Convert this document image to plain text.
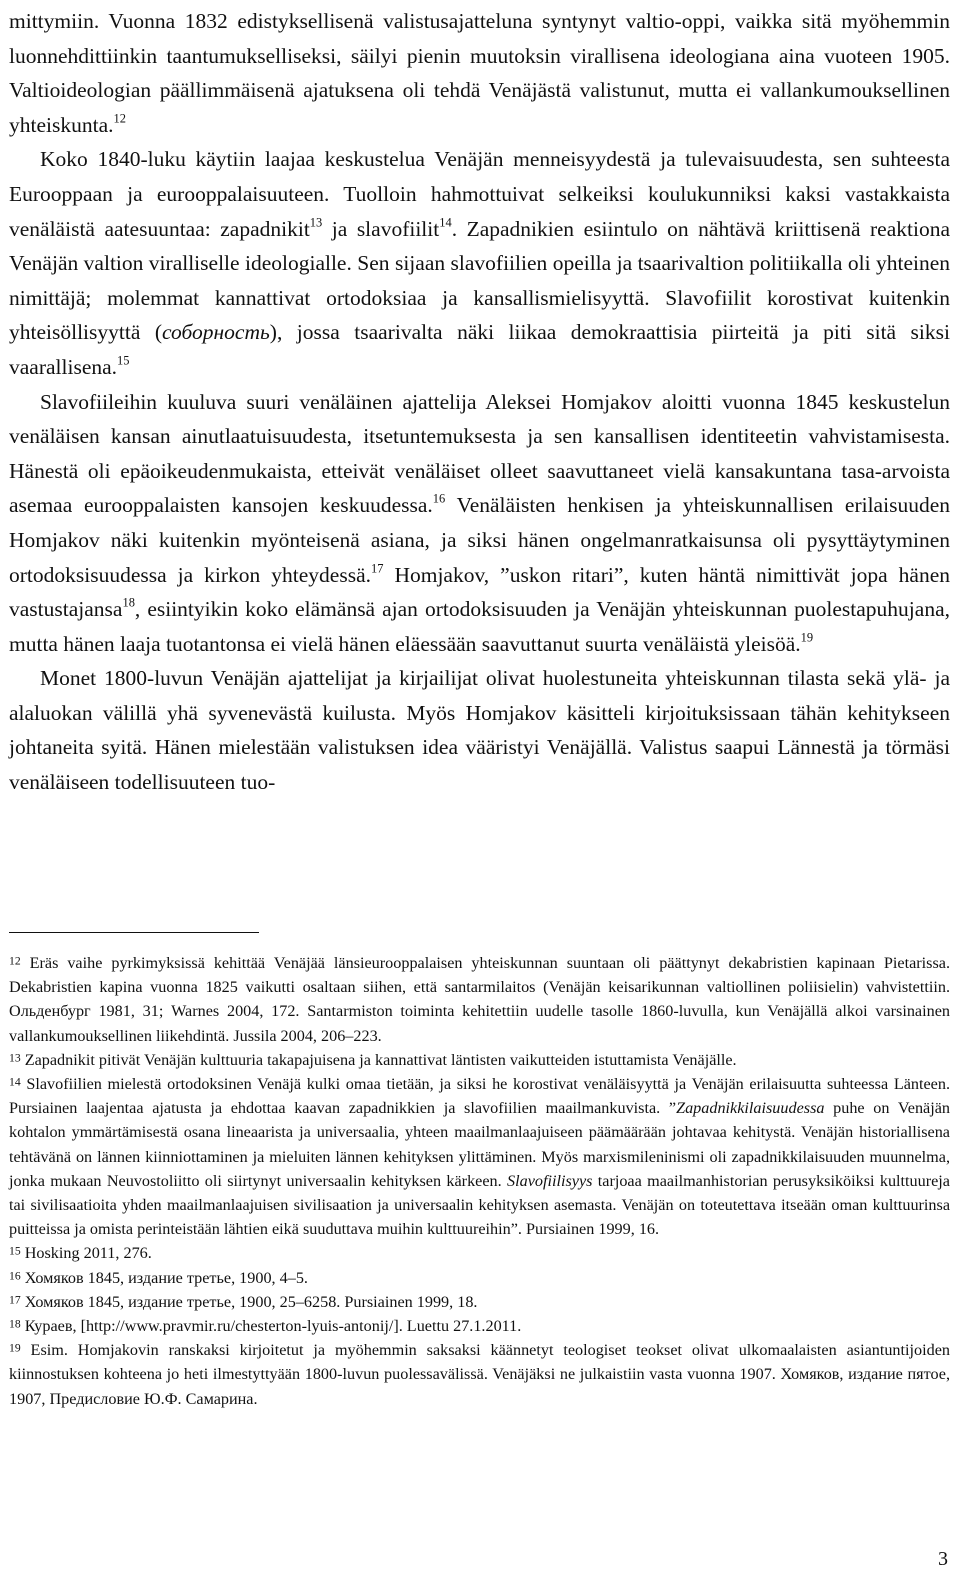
mittymiin. Vuonna 1832 edistyksellisenä valistusajatteluna syntynyt valtio-oppi, vaikka sitä myöhemmin luonnehdittiinkin taantumukselliseksi, säilyi pienin muutoksin virallisena ideologiana aina vuoteen 1905. Valtioideologian päällimmäisenä ajatuksena oli tehdä Venäjästä valistunut, mutta ei vallankumouksellinen yhteiskunta.$^{12}$

Koko 1840-luku käytiin laajaa keskustelua Venäjän menneisyydestä ja tulevaisuudesta, sen suhteesta Eurooppaan ja eurooppalaisuuteen. Tuolloin hahmottuivat selkeiksi koulukunniksi kaksi vastakkaista venäläistä aatesuuntaa: zapadnikit$^{13}$ ja slavofiilit$^{14}$. Zapadnikien esiintulo on nähtävä kriittisenä reaktiona Venäjän valtion viralliselle ideologialle. Sen sijaan slavofiilien opeilla ja tsaarivaltion politiikalla oli yhteinen nimittäjä; molemmat kannattivat ortodoksiaa ja kansallismielisyyttä. Slavofiilit korostivat kuitenkin yhteisöllisyyttä (соборность), jossa tsaarivalta näki liikaa demokraattisia piirteitä ja piti sitä siksi vaarallisena.$^{15}$

Slavofiileihin kuuluva suuri venäläinen ajattelija Aleksei Homjakov aloitti vuonna 1845 keskustelun venäläisen kansan ainutlaatuisuudesta, itsetuntemuksesta ja sen kansallisen identiteetin vahvistamisesta. Hänestä oli epäoikeudenmukaista, etteivät venäläiset olleet saavuttaneet vielä kansakuntana tasa-arvoista asemaa eurooppalaisten kansojen keskuudessa.$^{16}$ Venäläisten henkisen ja yhteiskunnallisen erilaisuuden Homjakov näki kuitenkin myönteisenä asiana, ja siksi hänen ongelmanratkaisunsa oli pysyttäytyminen ortodoksisuudessa ja kirkon yhteydessä.$^{17}$ Homjakov, ”uskon ritari”, kuten häntä nimittivät jopa hänen vastustajansa$^{18}$, esiintyikin koko elämänsä ajan ortodoksisuuden ja Venäjän yhteiskunnan puolestapuhujana, mutta hänen laaja tuotantonsa ei vielä hänen eläessään saavuttanut suurta venäläistä yleisöä.$^{19}$

Monet 1800-luvun Venäjän ajattelijat ja kirjailijat olivat huolestuneita yhteiskunnan tilasta sekä ylä- ja alaluokan välillä yhä syvenevästä kuilusta. Myös Homjakov käsitteli kirjoituksissaan tähän kehitykseen johtaneita syitä. Hänen mielestään valistuksen idea vääristyi Venäjällä. Valistus saapui Lännestä ja törmäsi venäläiseen todellisuuteen tuo-

$^{12}$ Eräs vaihe pyrkimyksissä kehittää Venäjää länsieurooppalaisen yhteiskunnan suuntaan oli päättynyt dekabristien kapinaan Pietarissa. Dekabristien kapina vuonna 1825 vaikutti osaltaan siihen, että santarmilaitos (Venäjän keisarikunnan valtiollinen poliisielin) vahvistettiin. Ольденбург 1981, 31; Warnes 2004, 172. Santarmiston toiminta kehitettiin uudelle tasolle 1860-luvulla, kun Venäjällä alkoi varsinainen vallankumouksellinen liikehdintä. Jussila 2004, 206–223.

$^{13}$ Zapadnikit pitivät Venäjän kulttuuria takapajuisena ja kannattivat läntisten vaikutteiden istuttamista Venäjälle.

$^{14}$ Slavofiilien mielestä ortodoksinen Venäjä kulki omaa tietään, ja siksi he korostivat venäläisyyttä ja Venäjän erilaisuutta suhteessa Länteen. Pursiainen laajentaa ajatusta ja ehdottaa kaavan zapadnikkien ja slavofiilien maailmankuvista. ”Zapadnikkilaisuudessa puhe on Venäjän kohtalon ymmärtämisestä osana lineaarista ja universaalia, yhteen maailmanlaajuiseen päämäärään johtavaa kehitystä. Venäjän historiallisena tehtävänä on lännen kiinniottaminen ja mieluiten lännen kehityksen ylittäminen. Myös marxismileninismi oli zapadnikkilaisuuden muunnelma, jonka mukaan Neuvostoliitto oli siirtynyt universaalin kehityksen kärkeen. Slavofiilisyys tarjoaa maailmanhistorian perusyksiköiksi kulttuureja tai sivilisaatioita yhden maailmanlaajuisen sivilisaation ja universaalin kehityksen asemasta. Venäjän on toteutettava itseään oman kulttuurinsa puitteissa ja omista perinteistään lähtien eikä suuduttava muihin kulttuureihin”. Pursiainen 1999, 16.

$^{15}$ Hosking 2011, 276.

$^{16}$ Хомяков 1845, издание третье, 1900, 4–5.

$^{17}$ Хомяков 1845, издание третье, 1900, 25–6258. Pursiainen 1999, 18.

$^{18}$ Кураев, [http://www.pravmir.ru/chesterton-lyuis-antonij/]. Luettu 27.1.2011.

$^{19}$ Esim. Homjakovin ranskaksi kirjoitetut ja myöhemmin saksaksi käännetyt teologiset teokset olivat ulkomaalaisten asiantuntijoiden kiinnostuksen kohteena jo heti ilmestyttyään 1800-luvun puolessavälissä. Venäjäksi ne julkaistiin vasta vuonna 1907. Хомяков, издание пятое, 1907, Предисловие Ю.Ф. Самарина.

3
